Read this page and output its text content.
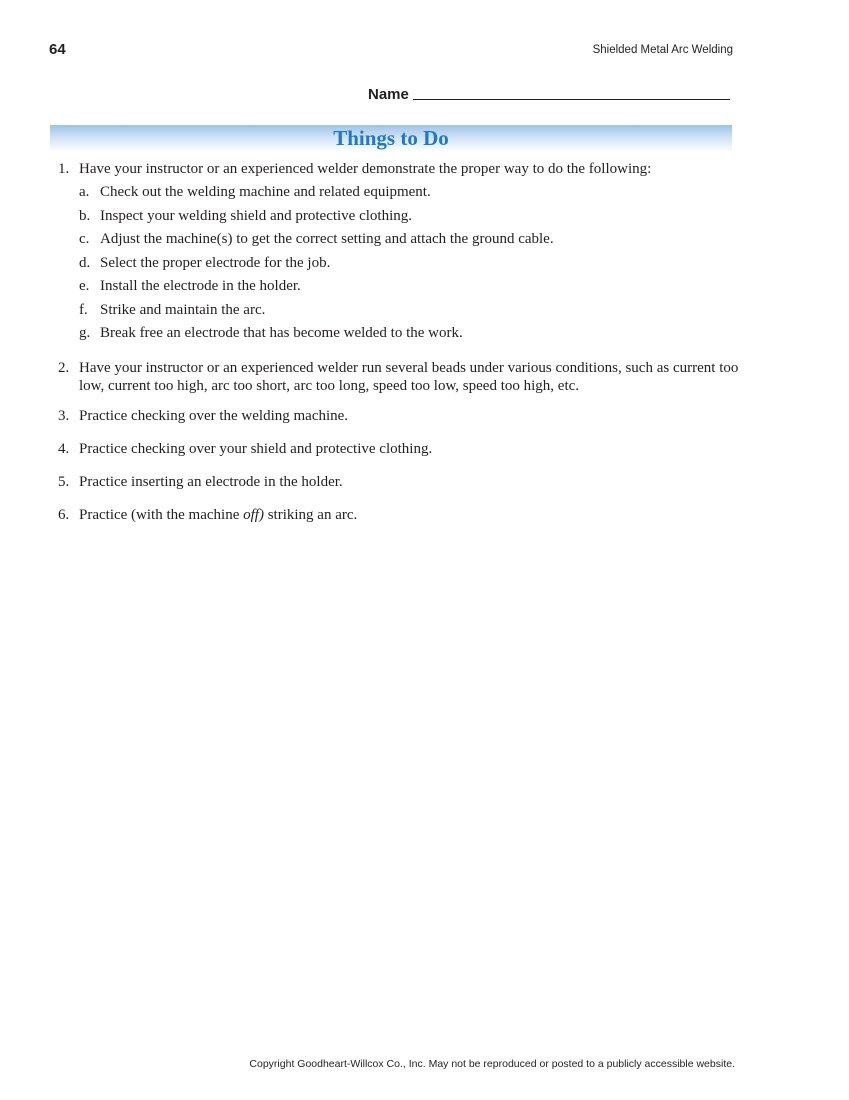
64	Shielded Metal Arc Welding
Name
Things to Do
1. Have your instructor or an experienced welder demonstrate the proper way to do the following:
a. Check out the welding machine and related equipment.
b. Inspect your welding shield and protective clothing.
c. Adjust the machine(s) to get the correct setting and attach the ground cable.
d. Select the proper electrode for the job.
e. Install the electrode in the holder.
f. Strike and maintain the arc.
g. Break free an electrode that has become welded to the work.
2. Have your instructor or an experienced welder run several beads under various conditions, such as current too low, current too high, arc too short, arc too long, speed too low, speed too high, etc.
3. Practice checking over the welding machine.
4. Practice checking over your shield and protective clothing.
5. Practice inserting an electrode in the holder.
6. Practice (with the machine off) striking an arc.
Copyright Goodheart-Willcox Co., Inc. May not be reproduced or posted to a publicly accessible website.
